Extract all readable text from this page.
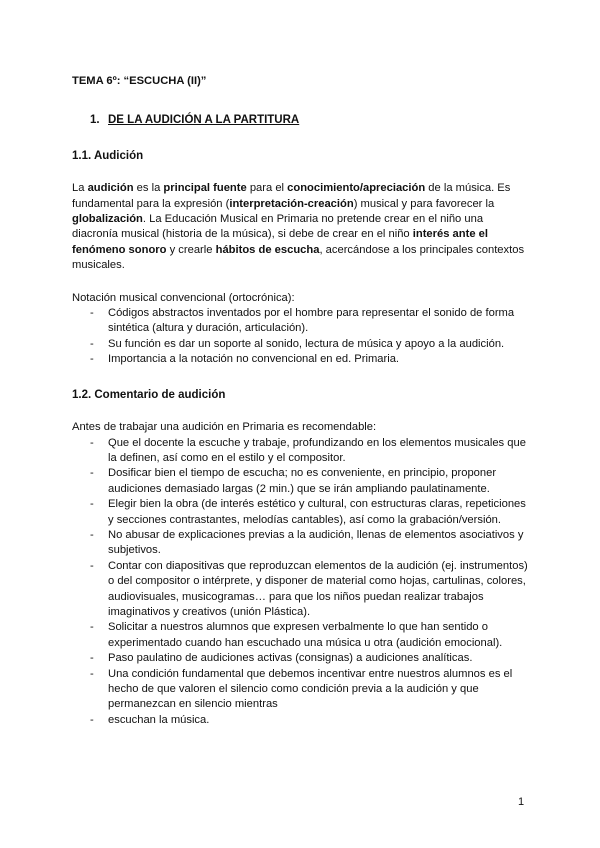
TEMA 6º: “ESCUCHA (II)”

1. DE LA AUDICIÓN A LA PARTITURA

1.1. Audición

La audición es la principal fuente para el conocimiento/apreciación de la música. Es fundamental para la expresión (interpretación-creación) musical y para favorecer la globalización. La Educación Musical en Primaria no pretende crear en el niño una diacronía musical (historia de la música), si debe de crear en el niño interés ante el fenómeno sonoro y crearle hábitos de escucha, acercándose a los principales contextos musicales.

Notación musical convencional (ortocrónica):

- Códigos abstractos inventados por el hombre para representar el sonido de forma sintética (altura y duración, articulación).
- Su función es dar un soporte al sonido, lectura de música y apoyo a la audición.
- Importancia a la notación no convencional en ed. Primaria.

1.2. Comentario de audición

Antes de trabajar una audición en Primaria es recomendable:

- Que el docente la escuche y trabaje, profundizando en los elementos musicales que la definen, así como en el estilo y el compositor.
- Dosificar bien el tiempo de escucha; no es conveniente, en principio, proponer audiciones demasiado largas (2 min.) que se irán ampliando paulatinamente.
- Elegir bien la obra (de interés estético y cultural, con estructuras claras, repeticiones y secciones contrastantes, melodías cantables), así como la grabación/versión.
- No abusar de explicaciones previas a la audición, llenas de elementos asociativos y subjetivos.
- Contar con diapositivas que reproduzcan elementos de la audición (ej. instrumentos) o del compositor o intérprete, y disponer de material como hojas, cartulinas, colores, audiovisuales, musicogramas… para que los niños puedan realizar trabajos imaginativos y creativos (unión Plástica).
- Solicitar a nuestros alumnos que expresen verbalmente lo que han sentido o experimentado cuando han escuchado una música u otra (audición emocional).
- Paso paulatino de audiciones activas (consignas) a audiciones analíticas.
- Una condición fundamental que debemos incentivar entre nuestros alumnos es el hecho de que valoren el silencio como condición previa a la audición y que permanezcan en silencio mientras
- escuchan la música.
1
